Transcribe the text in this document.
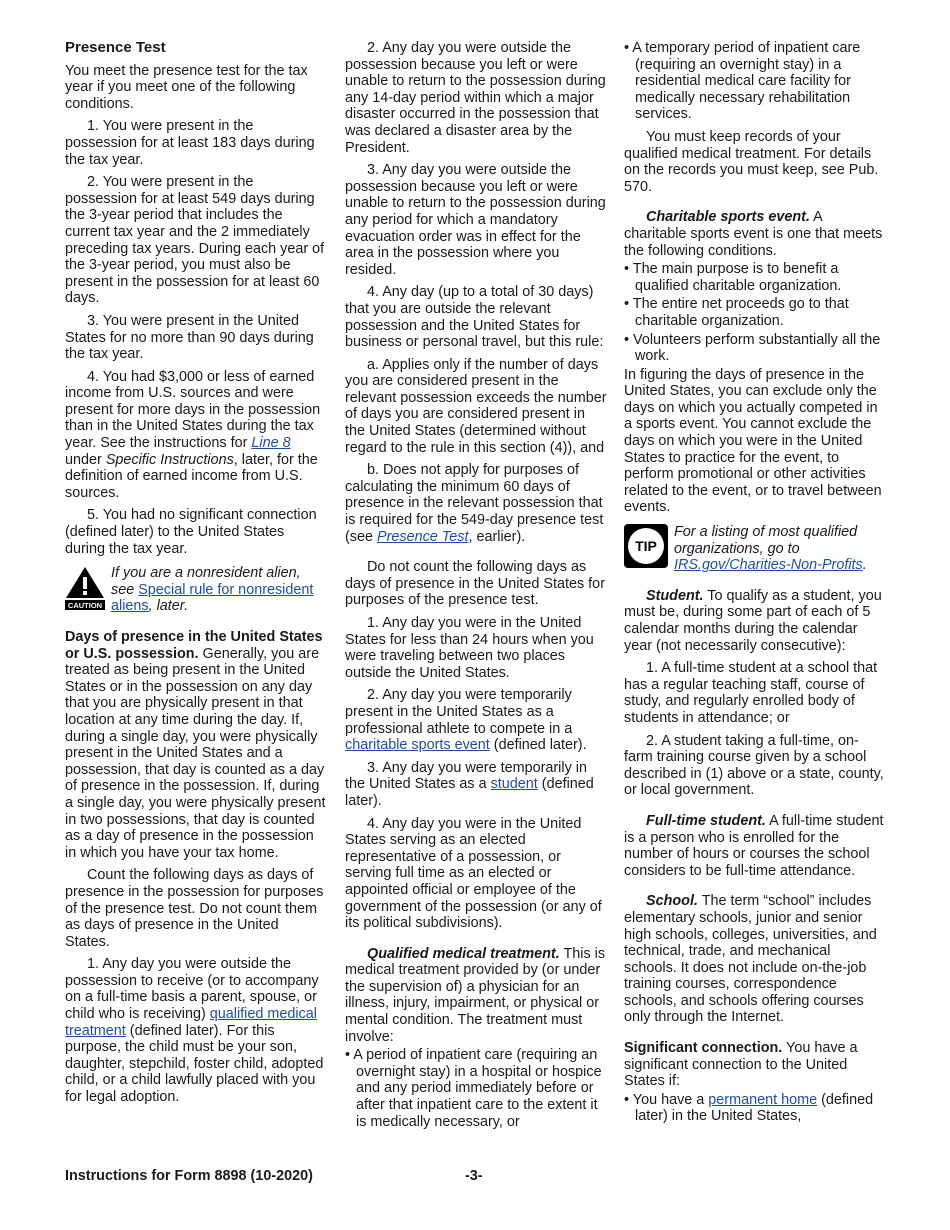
Presence Test

You meet the presence test for the tax year if you meet one of the following conditions.

1. You were present in the possession for at least 183 days during the tax year.

2. You were present in the possession for at least 549 days during the 3-year period that includes the current tax year and the 2 immediately preceding tax years. During each year of the 3-year period, you must also be present in the possession for at least 60 days.

3. You were present in the United States for no more than 90 days during the tax year.

4. You had $3,000 or less of earned income from U.S. sources and were present for more days in the possession than in the United States during the tax year. See the instructions for Line 8 under Specific Instructions, later, for the definition of earned income from U.S. sources.

5. You had no significant connection (defined later) to the United States during the tax year.

CAUTION
If you are a nonresident alien, see Special rule for nonresident aliens, later.

Days of presence in the United States or U.S. possession. Generally, you are treated as being present in the United States or in the possession on any day that you are physically present in that location at any time during the day. If, during a single day, you were physically present in the United States and a possession, that day is counted as a day of presence in the possession. If, during a single day, you were physically present in two possessions, that day is counted as a day of presence in the possession in which you have your tax home.

Count the following days as days of presence in the possession for purposes of the presence test. Do not count them as days of presence in the United States.

1. Any day you were outside the possession to receive (or to accompany on a full-time basis a parent, spouse, or child who is receiving) qualified medical treatment (defined later). For this purpose, the child must be your son, daughter, stepchild, foster child, adopted child, or a child lawfully placed with you for legal adoption.

2. Any day you were outside the possession because you left or were unable to return to the possession during any 14-day period within which a major disaster occurred in the possession that was declared a disaster area by the President.

3. Any day you were outside the possession because you left or were unable to return to the possession during any period for which a mandatory evacuation order was in effect for the area in the possession where you resided.

4. Any day (up to a total of 30 days) that you are outside the relevant possession and the United States for business or personal travel, but this rule:

a. Applies only if the number of days you are considered present in the relevant possession exceeds the number of days you are considered present in the United States (determined without regard to the rule in this section (4)), and

b. Does not apply for purposes of calculating the minimum 60 days of presence in the relevant possession that is required for the 549-day presence test (see Presence Test, earlier).

Do not count the following days as days of presence in the United States for purposes of the presence test.

1. Any day you were in the United States for less than 24 hours when you were traveling between two places outside the United States.

2. Any day you were temporarily present in the United States as a professional athlete to compete in a charitable sports event (defined later).

3. Any day you were temporarily in the United States as a student (defined later).

4. Any day you were in the United States serving as an elected representative of a possession, or serving full time as an elected or appointed official or employee of the government of the possession (or any of its political subdivisions).

Qualified medical treatment. This is medical treatment provided by (or under the supervision of) a physician for an illness, injury, impairment, or physical or mental condition. The treatment must involve:

• A period of inpatient care (requiring an overnight stay) in a hospital or hospice and any period immediately before or after that inpatient care to the extent it is medically necessary, or

• A temporary period of inpatient care (requiring an overnight stay) in a residential medical care facility for medically necessary rehabilitation services.

You must keep records of your qualified medical treatment. For details on the records you must keep, see Pub. 570.

Charitable sports event. A charitable sports event is one that meets the following conditions.

• The main purpose is to benefit a qualified charitable organization.

• The entire net proceeds go to that charitable organization.

• Volunteers perform substantially all the work.

In figuring the days of presence in the United States, you can exclude only the days on which you actually competed in a sports event. You cannot exclude the days on which you were in the United States to practice for the event, to perform promotional or other activities related to the event, or to travel between events.

TIP
For a listing of most qualified organizations, go to IRS.gov/Charities-Non-Profits.

Student. To qualify as a student, you must be, during some part of each of 5 calendar months during the calendar year (not necessarily consecutive):

1. A full-time student at a school that has a regular teaching staff, course of study, and regularly enrolled body of students in attendance; or

2. A student taking a full-time, on-farm training course given by a school described in (1) above or a state, county, or local government.

Full-time student. A full-time student is a person who is enrolled for the number of hours or courses the school considers to be full-time attendance.

School. The term “school” includes elementary schools, junior and senior high schools, colleges, universities, and technical, trade, and mechanical schools. It does not include on-the-job training courses, correspondence schools, and schools offering courses only through the Internet.

Significant connection. You have a significant connection to the United States if:

• You have a permanent home (defined later) in the United States,

Instructions for Form 8898 (10-2020)	-3-
